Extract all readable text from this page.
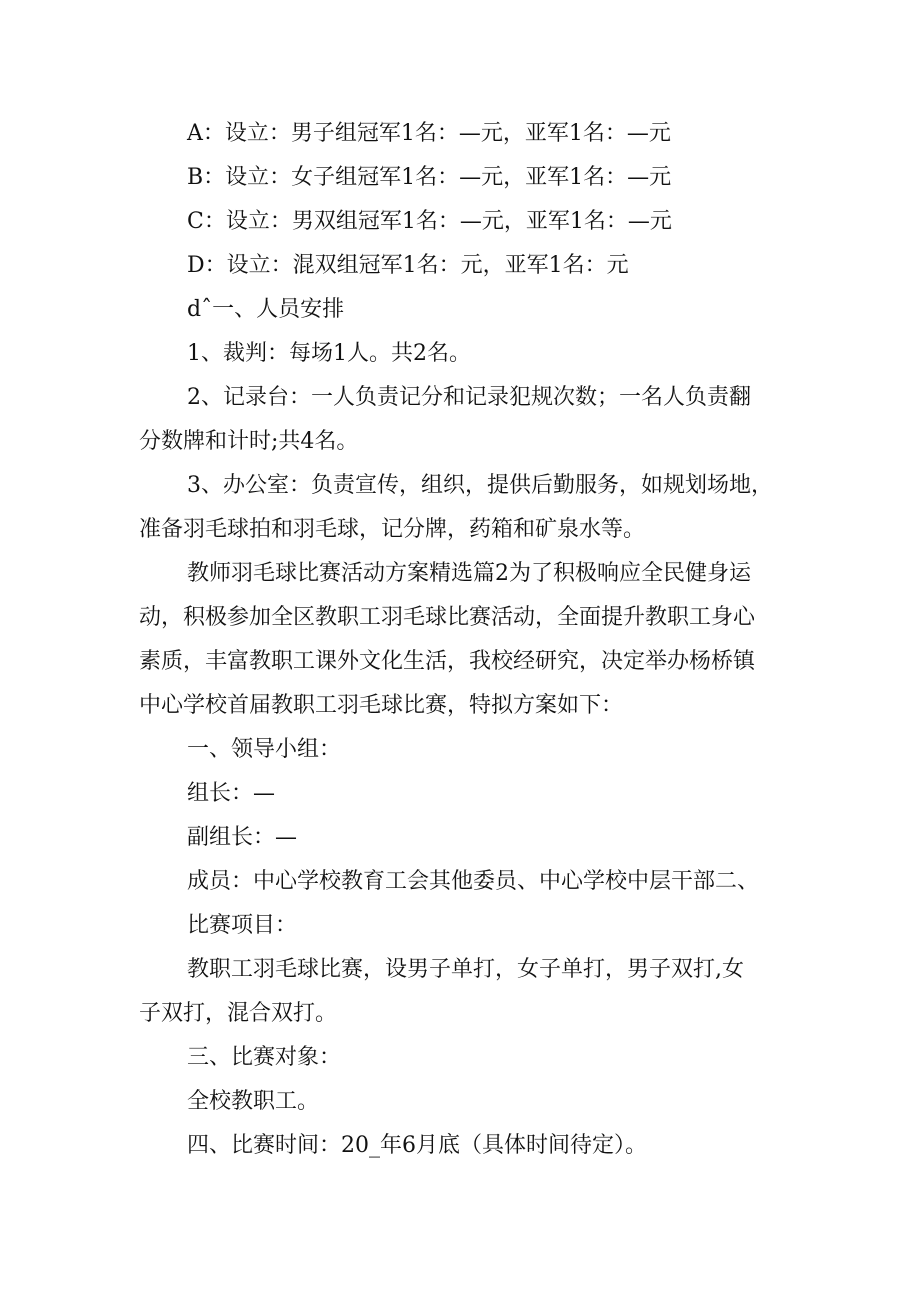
A：设立：男子组冠军1名：—元，亚军1名：—元

B：设立：女子组冠军1名：—元，亚军1名：—元

C：设立：男双组冠军1名：—元，亚军1名：—元

D：设立：混双组冠军1名：元，亚军1名：元

dˆ一、人员安排

1、裁判：每场1人。共2名。

2、记录台：一人负责记分和记录犯规次数；一名人负责翻

分数牌和计时;共4名。

3、办公室：负责宣传，组织，提供后勤服务，如规划场地，

准备羽毛球拍和羽毛球，记分牌，药箱和矿泉水等。

教师羽毛球比赛活动方案精选篇2为了积极响应全民健身运

动，积极参加全区教职工羽毛球比赛活动，全面提升教职工身心

素质，丰富教职工课外文化生活，我校经研究，决定举办杨桥镇

中心学校首届教职工羽毛球比赛，特拟方案如下：

一、领导小组：

组长：—

副组长：—

成员：中心学校教育工会其他委员、中心学校中层干部二、

比赛项目：

教职工羽毛球比赛，设男子单打，女子单打，男子双打,女

子双打，混合双打。

三、比赛对象：

全校教职工。

四、比赛时间：20_年6月底（具体时间待定）。
